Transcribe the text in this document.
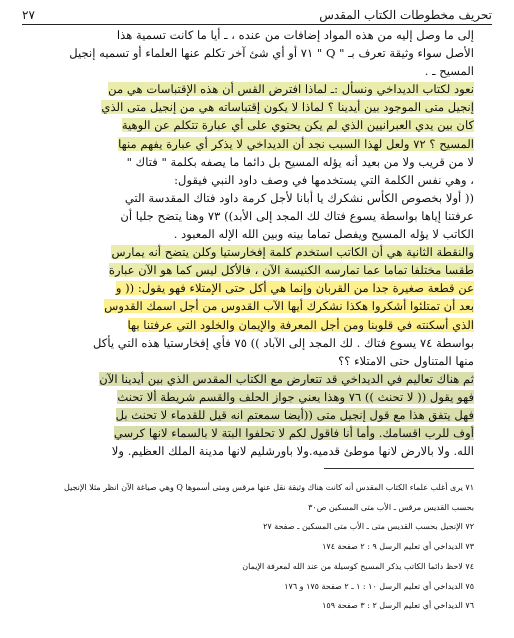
تحريف مخطوطات الكتاب المقدس
٢٧

إلى ما وصل إليه من هذه المواد إضافات من عنده ، ـ أيا ما كانت تسمية هذا
الأصل سواء وثيقة تعرف بـ " Q " ٧١ أو أي شئ آخر تكلم عنها العلماء أو تسميه إنجيل
المسيح ـ .

نعود لكتاب الديداخي ونسأل :ـ لماذا افترض القس أن هذه الإقتباسات هي من
إنجيل متى الموجود بين أيدينا ؟ لماذا لا يكون إقتباساته هي من إنجيل متى الذي
كان بين يدي العبرانيين الذي لم يكن يحتوي على أي عبارة تتكلم عن الوهية
المسيح ؟ ٧٢ ولعل لهذا السبب نجد أن الديداخي لا يذكر أي عبارة يفهم منها

لا من قريب ولا من بعيد أنه يؤله المسيح بل دائما ما يصفه بكلمة " فتاك "
، وهي نفس الكلمة التي يستخدمها في وصف داود النبي فيقول:
(( أولا بخصوص الكأس نشكرك يا أبانا لأجل كرمة داود فتاك المقدسة التي
عرفتنا إياها بواسطة يسوع فتاك لك المجد إلى الأبد)) ٧٣ وهنا يتضح جليا أن
الكاتب لا يؤله المسيح ويفصل تماما بينه وبين الله الإله المعبود .

والنقطة الثانية هي أن الكاتب استخدم كلمة إفخارستيا وكلن يتضح أنه يمارس
طقسا مختلفا تماما عما تمارسه الكنيسة الآن ، فالأكل ليس كما هو الآن عبارة
عن قطعة صغيرة جدا من القربان وإنما هي أكل حتى الإمتلاء فهو يقول: (( و
بعد أن تمتلئوا أشكروا هكذا نشكرك أيها الآب القدوس من أجل اسمك القدوس
الذي أسكنته في قلوبنا ومن أجل المعرفة والإيمان والخلود التي عرفتنا بها

بواسطة ٧٤ يسوع فتاك . لك المجد إلى الآباد )) ٧٥ فأي إفخارستيا هذه التي يأكل
منها المتناول حتى الامتلاء ؟؟

ثم هناك تعاليم في الديداخي قد تتعارض مع الكتاب المقدس الذي بين أيدينا الآن
فهو يقول (( لا تحنث )) ٧٦ وهذا يعني جواز الحلف والقسم شريطة ألا تحنث
فهل يتفق هذا مع قول إنجيل متى ((أيضا سمعتم انه قيل للقدماء لا تحنث بل
أوف للرب اقسامك. وأما أنا فاقول لكم لا تحلفوا البتة لا بالسماء لانها كرسي

الله. ولا بالارض لانها موطئ قدميه.ولا باورشليم لانها مدينة الملك العظيم. ولا

٧١ يرى أغلب علماء الكتاب المقدس أنه كانت هناك وثيقة نقل عنها مرقس ومتى أسموها Q وهي صياغة الآن انظر مثلا الإنجيل
بحسب القديس مرقس ـ الأب متى المسكين ص٣٠
٧٢ الإنجيل بحسب القديس متى ـ الأب متى المسكين ـ صفحة ٢٧
٧٣ الديداخي أي تعليم الرسل ٩ : ٢ صفحة ١٧٤
٧٤ لاحظ دائما الكاتب يذكر المسيح كوسيلة من عند الله لمعرفة الإيمان
٧٥ الديداخي أي تعليم الرسل ١٠ : ١ ـ ٢ صفحة ١٧٥ و ١٧٦
٧٦ الديداخي أي تعليم الرسل ٢ : ٣ صفحة ١٥٩
